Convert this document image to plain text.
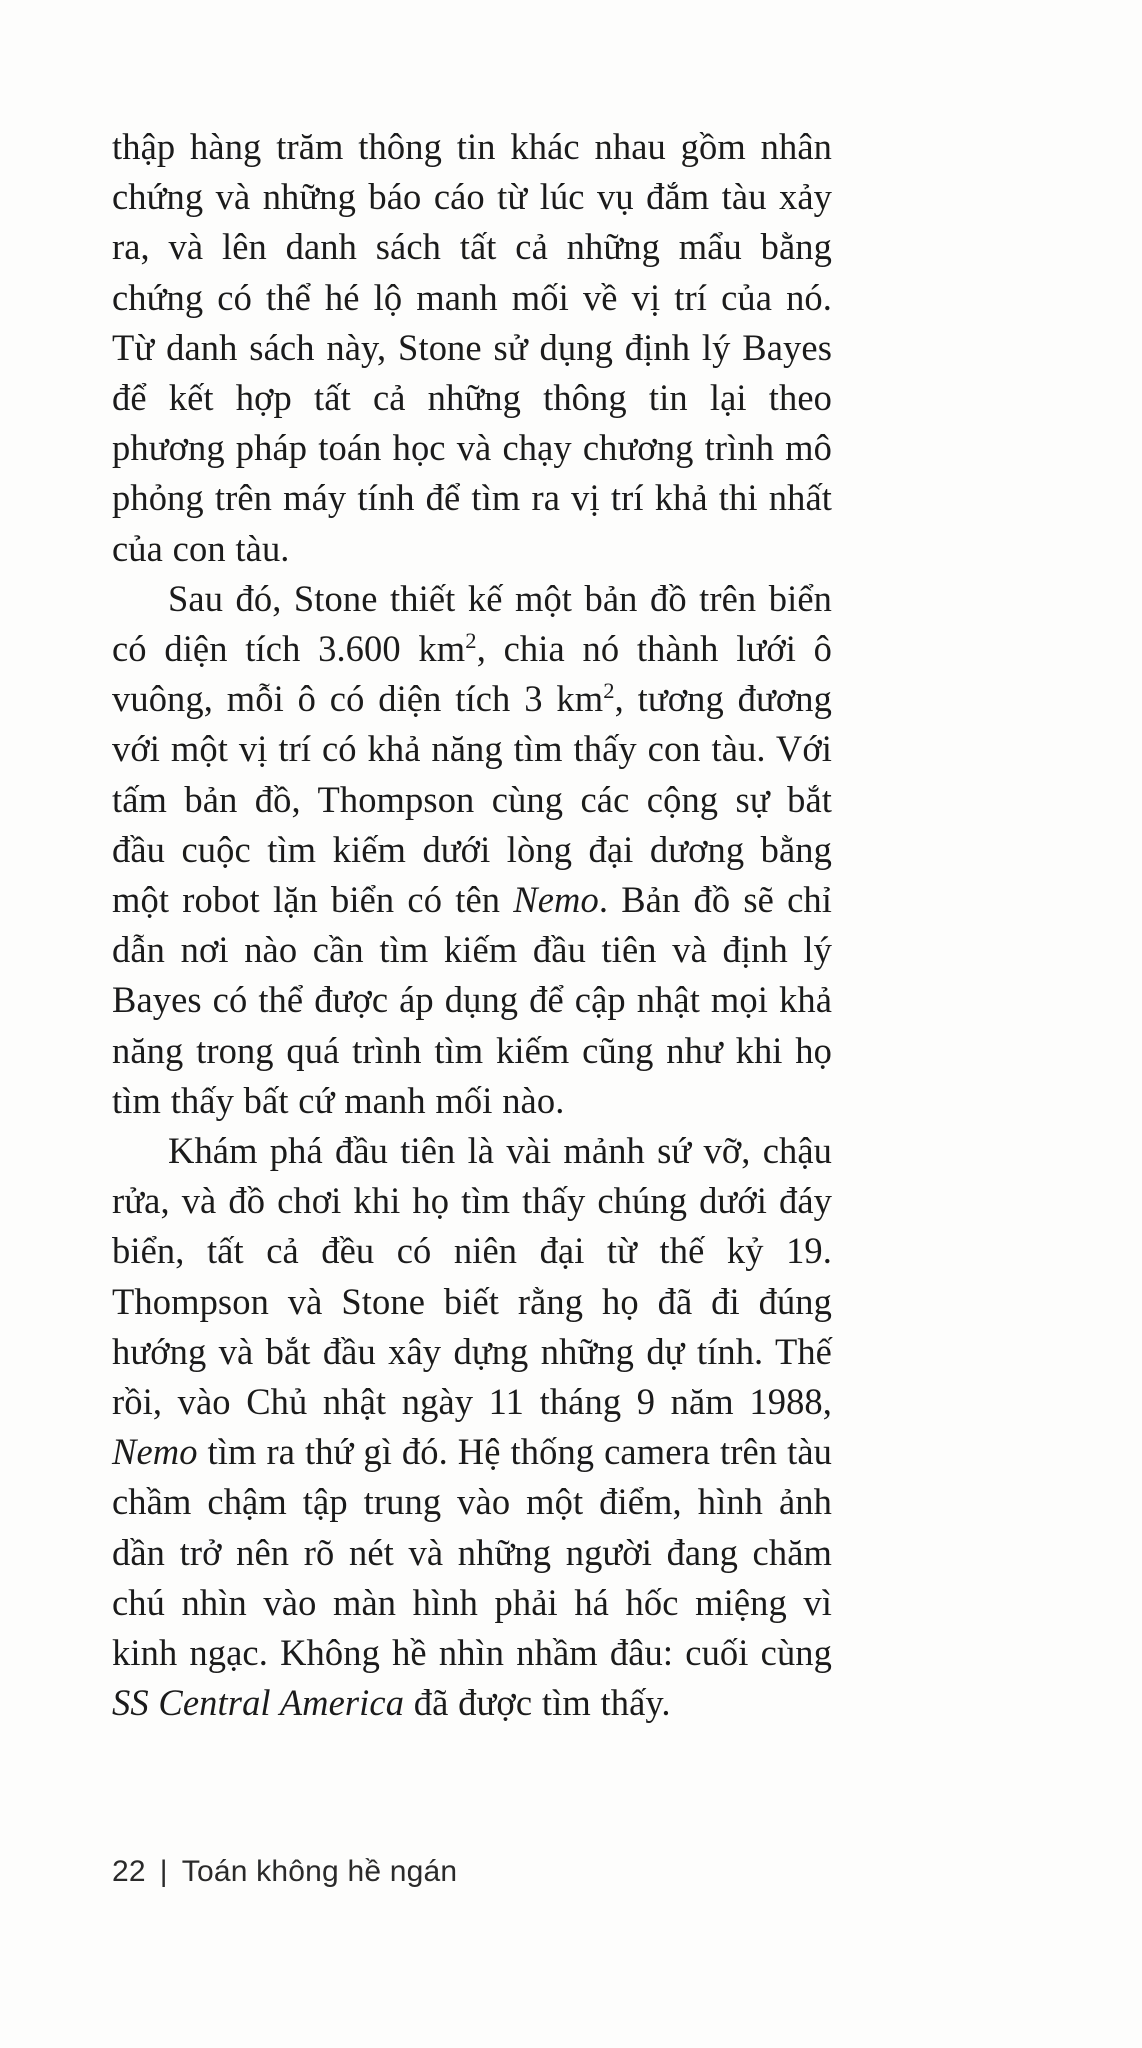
thập hàng trăm thông tin khác nhau gồm nhân chứng và những báo cáo từ lúc vụ đắm tàu xảy ra, và lên danh sách tất cả những mẩu bằng chứng có thể hé lộ manh mối về vị trí của nó. Từ danh sách này, Stone sử dụng định lý Bayes để kết hợp tất cả những thông tin lại theo phương pháp toán học và chạy chương trình mô phỏng trên máy tính để tìm ra vị trí khả thi nhất của con tàu.

Sau đó, Stone thiết kế một bản đồ trên biển có diện tích 3.600 $km^2$, chia nó thành lưới ô vuông, mỗi ô có diện tích 3 $km^2$, tương đương với một vị trí có khả năng tìm thấy con tàu. Với tấm bản đồ, Thompson cùng các cộng sự bắt đầu cuộc tìm kiếm dưới lòng đại dương bằng một robot lặn biển có tên Nemo. Bản đồ sẽ chỉ dẫn nơi nào cần tìm kiếm đầu tiên và định lý Bayes có thể được áp dụng để cập nhật mọi khả năng trong quá trình tìm kiếm cũng như khi họ tìm thấy bất cứ manh mối nào.

Khám phá đầu tiên là vài mảnh sứ vỡ, chậu rửa, và đồ chơi khi họ tìm thấy chúng dưới đáy biển, tất cả đều có niên đại từ thế kỷ 19. Thompson và Stone biết rằng họ đã đi đúng hướng và bắt đầu xây dựng những dự tính. Thế rồi, vào Chủ nhật ngày 11 tháng 9 năm 1988, Nemo tìm ra thứ gì đó. Hệ thống camera trên tàu chầm chậm tập trung vào một điểm, hình ảnh dần trở nên rõ nét và những người đang chăm chú nhìn vào màn hình phải há hốc miệng vì kinh ngạc. Không hề nhìn nhầm đâu: cuối cùng SS Central America đã được tìm thấy.

22 | Toán không hề ngán
